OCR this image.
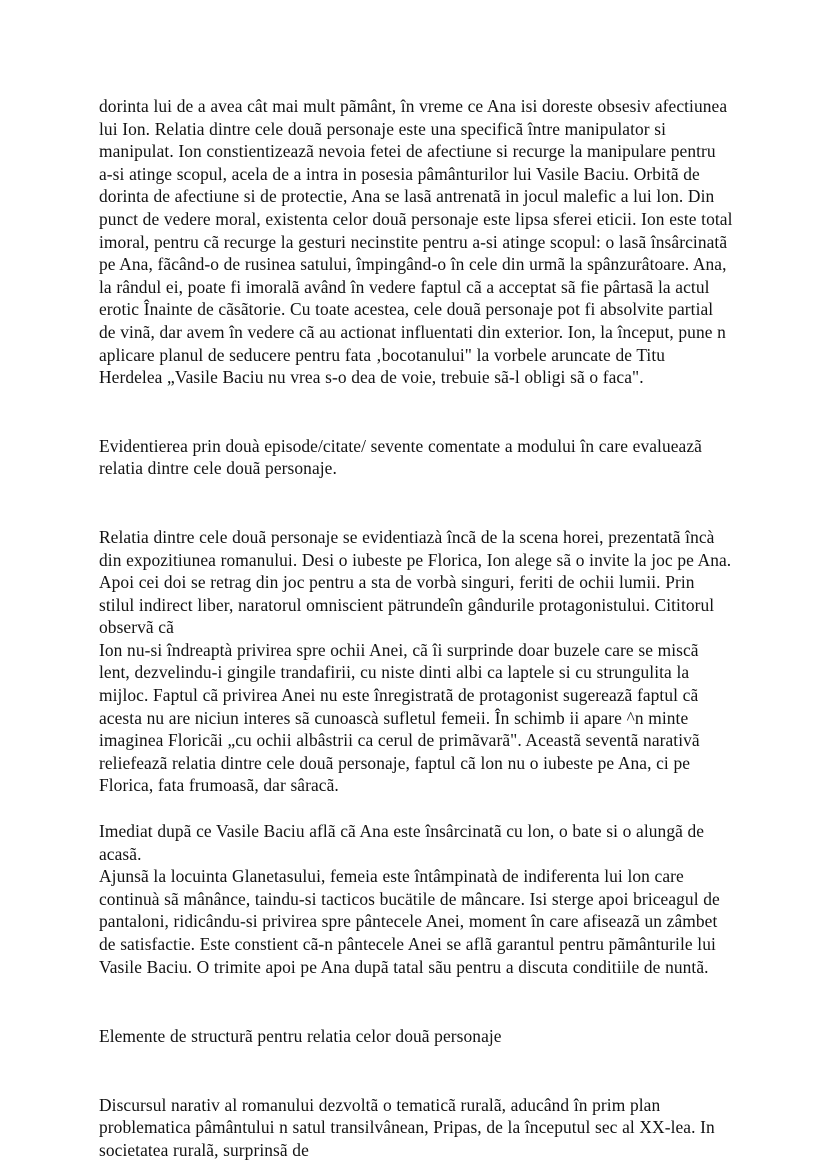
dorinta lui de a avea cât mai mult pãmânt, în vreme ce Ana isi doreste obsesiv afectiunea lui Ion. Relatia dintre cele douã personaje este una specificã între manipulator si manipulat. Ion constientizeazã nevoia fetei de afectiune si recurge la manipulare pentru a-si atinge scopul, acela de a intra in posesia pâmânturilor lui Vasile Baciu. Orbitã de dorinta de afectiune si de protectie, Ana se lasã antrenatã in jocul malefic a lui lon. Din punct de vedere moral, existenta celor douã personaje este lipsa sferei eticii. Ion este total imoral, pentru cã recurge la gesturi necinstite pentru a-si atinge scopul: o lasã însârcinatã pe Ana, fãcând-o de rusinea satului, împingând-o în cele din urmã la spânzurâtoare. Ana, la rândul ei, poate fi imoralã având în vedere faptul cã a acceptat sã fie pârtasã la actul erotic Înainte de cãsãtorie. Cu toate acestea, cele douã personaje pot fi absolvite partial de vinã, dar avem în vedere cã au actionat influentati din exterior. Ion, la început, pune n aplicare planul de seducere pentru fata ‚bocotanului" la vorbele aruncate de Titu Herdelea „Vasile Baciu nu vrea s-o dea de voie, trebuie sã-l obligi sã o faca".

Evidentierea prin douà episode/citate/ sevente comentate a modului în care evalueazã relatia dintre cele douã personaje.

Relatia dintre cele douã personaje se evidentiazà încã de la scena horei, prezentatã încà din expozitiunea romanului. Desi o iubeste pe Florica, Ion alege sã o invite la joc pe Ana.

Apoi cei doi se retrag din joc pentru a sta de vorbà singuri, feriti de ochii lumii. Prin stilul indirect liber, naratorul omniscient pätrundeîn gândurile protagonistului. Cititorul observã cã

Ion nu-si îndreaptà privirea spre ochii Anei, cã îi surprinde doar buzele care se miscã lent, dezvelindu-i gingile trandafirii, cu niste dinti albi ca laptele si cu strungulita la mijloc. Faptul cã privirea Anei nu este înregistratã de protagonist sugereazã faptul cã acesta nu are niciun interes sã cunoascà sufletul femeii. În schimb ii apare ^n minte imaginea Floricãi „cu ochii albâstrii ca cerul de primãvarã". Aceastã seventã narativã reliefeazã relatia dintre cele douã personaje, faptul cã lon nu o iubeste pe Ana, ci pe Florica, fata frumoasã, dar sâracã.

Imediat dupã ce Vasile Baciu aflã cã Ana este însârcinatã cu lon, o bate si o alungã de acasã.

Ajunsã la locuinta Glanetasului, femeia este întâmpinatà de indiferenta lui lon care continuà sã mânânce, taindu-si tacticos bucätile de mâncare. Isi sterge apoi briceagul de pantaloni, ridicându-si privirea spre pântecele Anei, moment în care afiseazã un zâmbet de satisfactie. Este constient cã-n pântecele Anei se aflã garantul pentru pãmânturile lui Vasile Baciu. O trimite apoi pe Ana dupã tatal sãu pentru a discuta conditiile de nuntã.

Elemente de structurã pentru relatia celor douã personaje

Discursul narativ al romanului dezvoltã o tematicã ruralã, aducând în prim plan problematica pâmântului n satul transilvânean, Pripas, de la începutul sec al XX-lea. In societatea ruralã, surprinsã de
